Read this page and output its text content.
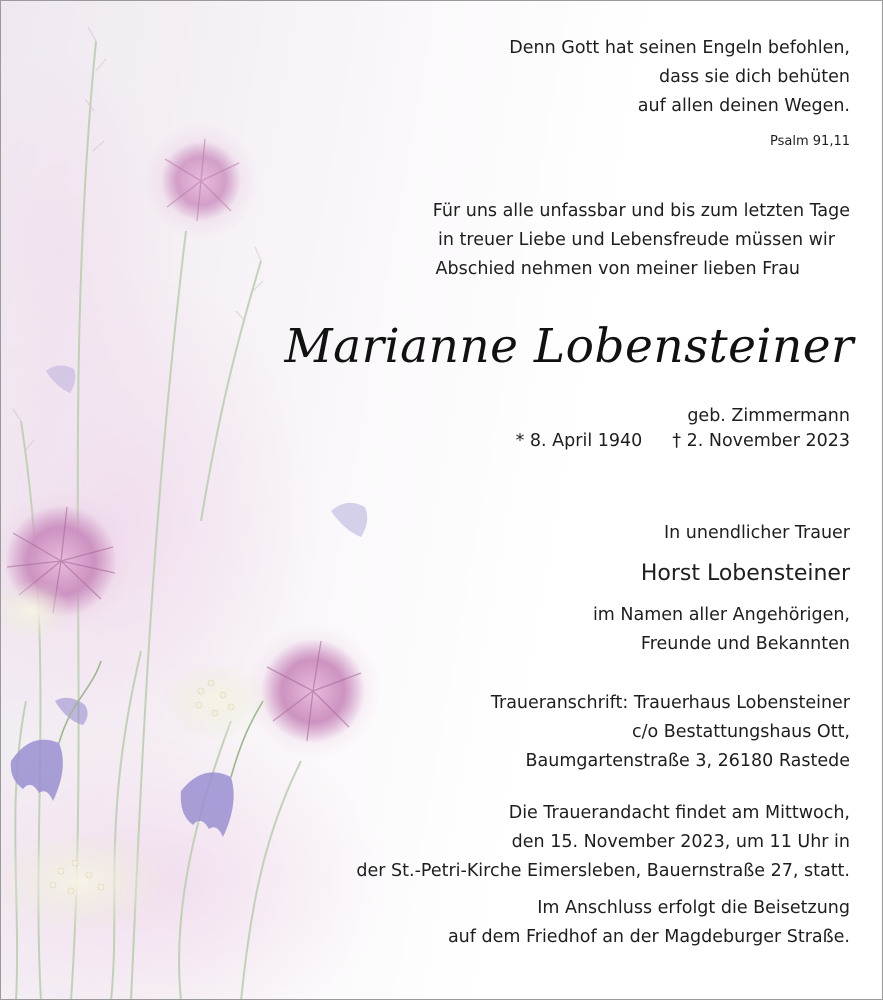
Denn Gott hat seinen Engeln befohlen,

dass sie dich behüten

auf allen deinen Wegen.

Psalm 91,11

Für uns alle unfassbar und bis zum letzten Tage

in treuer Liebe und Lebensfreude müssen wir

Abschied nehmen von meiner lieben Frau

Marianne Lobensteiner

geb. Zimmermann

* 8. April 1940 † 2. November 2023

In unendlicher Trauer

Horst Lobensteiner

im Namen aller Angehörigen,

Freunde und Bekannten

Traueranschrift: Trauerhaus Lobensteiner

c/o Bestattungshaus Ott,

Baumgartenstraße 3, 26180 Rastede

Die Trauerandacht findet am Mittwoch,

den 15. November 2023, um 11 Uhr in

der St.-Petri-Kirche Eimersleben, Bauernstraße 27, statt.

Im Anschluss erfolgt die Beisetzung

auf dem Friedhof an der Magdeburger Straße.
